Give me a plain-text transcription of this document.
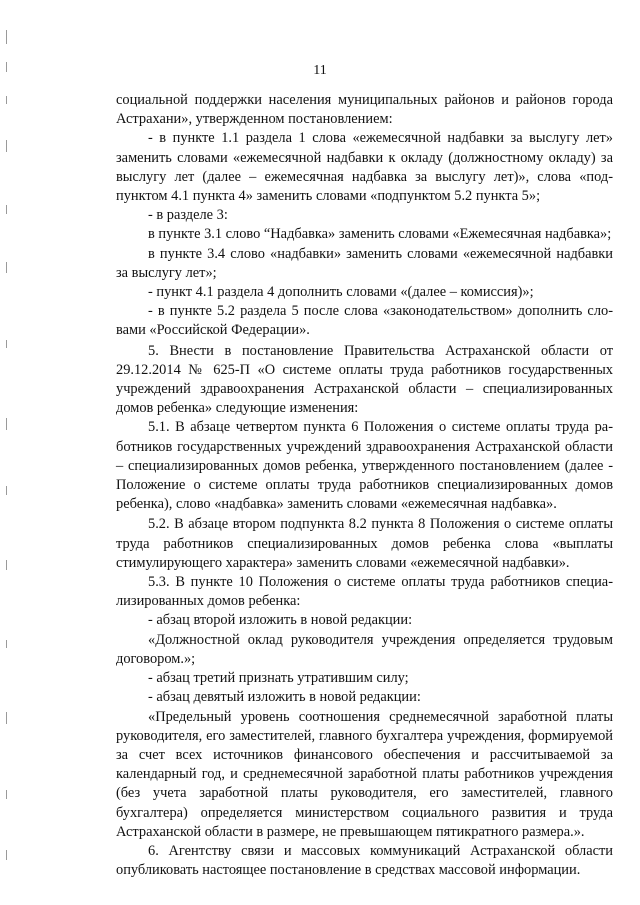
11

социальной поддержки населения муниципальных районов и районов города Астрахани», утвержденном постановлением:

- в пункте 1.1 раздела 1 слова «ежемесячной надбавки за выслугу лет» заменить словами «ежемесячной надбавки к окладу (должностному окладу) за выслугу лет (далее – ежемесячная надбавка за выслугу лет)», слова «подпунктом 4.1 пункта 4» заменить словами «подпунктом 5.2 пункта 5»;

- в разделе 3:

в пункте 3.1 слово “Надбавка» заменить словами «Ежемесячная надбавка»;

в пункте 3.4 слово «надбавки» заменить словами «ежемесячной надбавки за выслугу лет»;

- пункт 4.1 раздела 4 дополнить словами «(далее – комиссия)»;

- в пункте 5.2 раздела 5 после слова «законодательством» дополнить словами «Российской Федерации».

5. Внести в постановление Правительства Астраханской области от 29.12.2014 № 625-П «О системе оплаты труда работников государственных учреждений здравоохранения Астраханской области – специализированных домов ребенка» следующие изменения:

5.1. В абзаце четвертом пункта 6 Положения о системе оплаты труда работников государственных учреждений здравоохранения Астраханской области – специализированных домов ребенка, утвержденного постановлением (далее - Положение о системе оплаты труда работников специализированных домов ребенка), слово «надбавка» заменить словами «ежемесячная надбавка».

5.2. В абзаце втором подпункта 8.2 пункта 8 Положения о системе оплаты труда работников специализированных домов ребенка слова «выплаты стимулирующего характера» заменить словами «ежемесячной надбавки».

5.3. В пункте 10 Положения о системе оплаты труда работников специализированных домов ребенка:

- абзац второй изложить в новой редакции:

«Должностной оклад руководителя учреждения определяется трудовым договором.»;

- абзац третий признать утратившим силу;

- абзац девятый изложить в новой редакции:

«Предельный уровень соотношения среднемесячной заработной платы руководителя, его заместителей, главного бухгалтера учреждения, формируемой за счет всех источников финансового обеспечения и рассчитываемой за календарный год, и среднемесячной заработной платы работников учреждения (без учета заработной платы руководителя, его заместителей, главного бухгалтера) определяется министерством социального развития и труда Астраханской области в размере, не превышающем пятикратного размера.».

6. Агентству связи и массовых коммуникаций Астраханской области опубликовать настоящее постановление в средствах массовой информации.
